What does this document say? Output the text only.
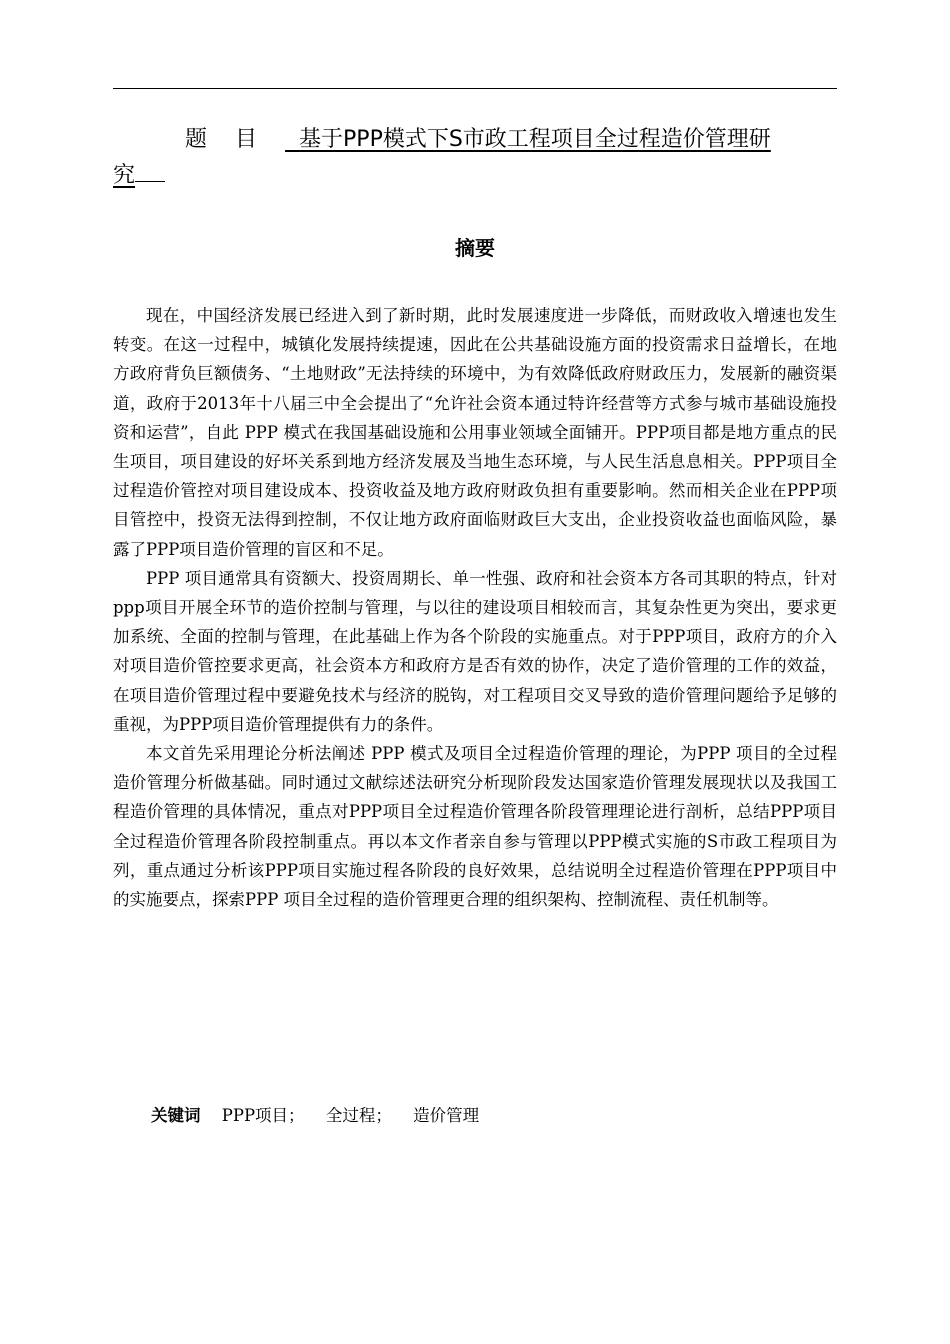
题 目 基于PPP模式下S市政工程项目全过程造价管理研
究
摘要

现在，中国经济发展已经进入到了新时期，此时发展速度进一步降低，而财政收入增速也发生转变。在这一过程中，城镇化发展持续提速，因此在公共基础设施方面的投资需求日益增长，在地方政府背负巨额债务、“土地财政”无法持续的环境中，为有效降低政府财政压力，发展新的融资渠道，政府于2013年十八届三中全会提出了“允许社会资本通过特许经营等方式参与城市基础设施投资和运营”，自此 PPP 模式在我国基础设施和公用事业领域全面铺开。PPP项目都是地方重点的民生项目，项目建设的好坏关系到地方经济发展及当地生态环境，与人民生活息息相关。PPP项目全过程造价管控对项目建设成本、投资收益及地方政府财政负担有重要影响。然而相关企业在PPP项目管控中，投资无法得到控制，不仅让地方政府面临财政巨大支出，企业投资收益也面临风险，暴露了PPP项目造价管理的盲区和不足。

PPP 项目通常具有资额大、投资周期长、单一性强、政府和社会资本方各司其职的特点，针对ppp项目开展全环节的造价控制与管理，与以往的建设项目相较而言，其复杂性更为突出，要求更加系统、全面的控制与管理，在此基础上作为各个阶段的实施重点。对于PPP项目，政府方的介入对项目造价管控要求更高，社会资本方和政府方是否有效的协作，决定了造价管理的工作的效益，在项目造价管理过程中要避免技术与经济的脱钩，对工程项目交叉导致的造价管理问题给予足够的重视，为PPP项目造价管理提供有力的条件。

本文首先采用理论分析法阐述 PPP 模式及项目全过程造价管理的理论，为PPP 项目的全过程造价管理分析做基础。同时通过文献综述法研究分析现阶段发达国家造价管理发展现状以及我国工程造价管理的具体情况，重点对PPP项目全过程造价管理各阶段管理理论进行剖析，总结PPP项目全过程造价管理各阶段控制重点。再以本文作者亲自参与管理以PPP模式实施的S市政工程项目为列，重点通过分析该PPP项目实施过程各阶段的良好效果，总结说明全过程造价管理在PPP项目中的实施要点，探索PPP 项目全过程的造价管理更合理的组织架构、控制流程、责任机制等。

关键词 PPP项目； 全过程； 造价管理
